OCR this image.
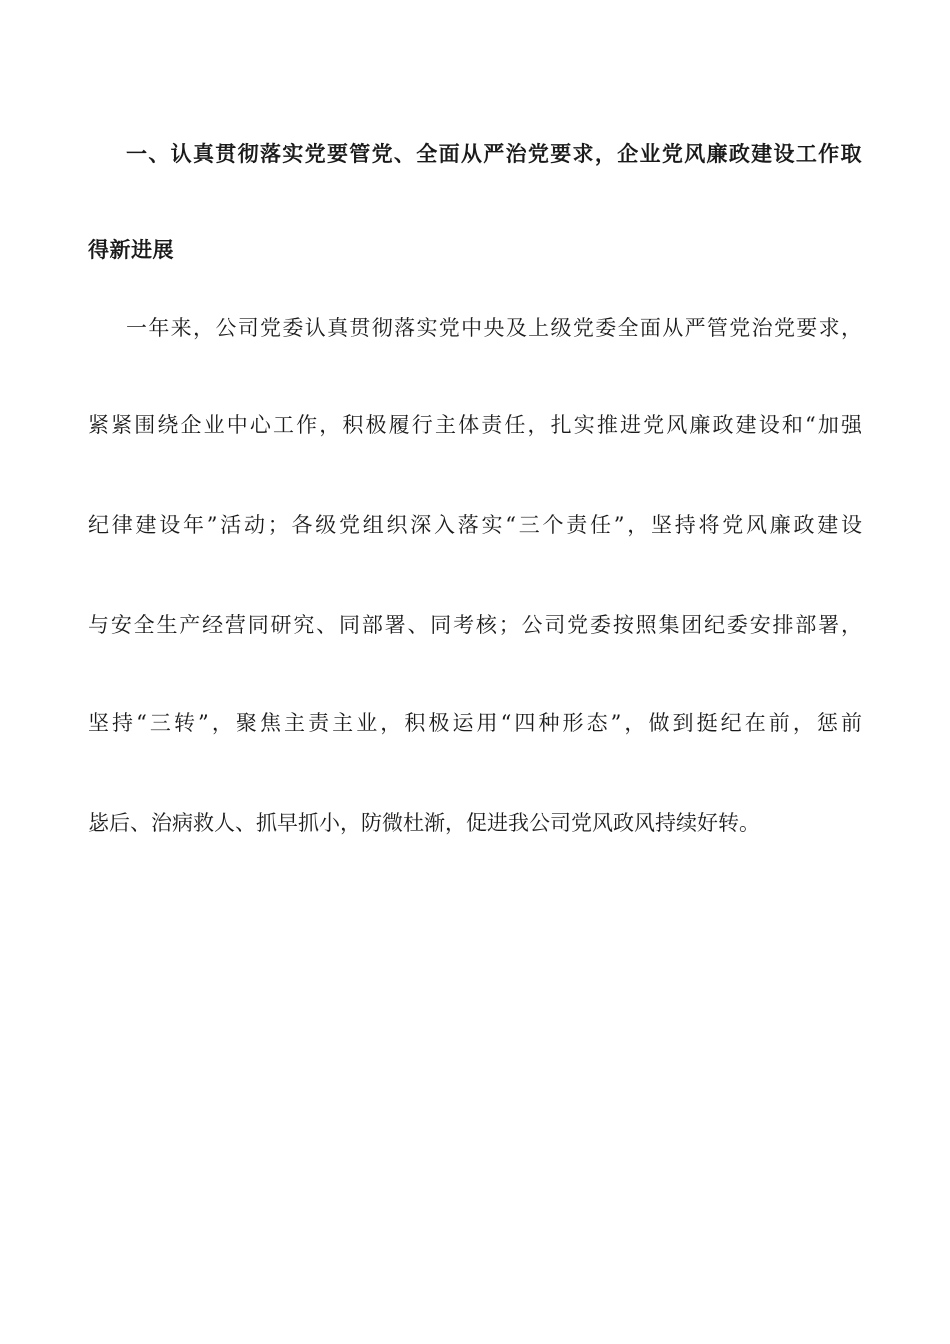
一、认真贯彻落实党要管党、全面从严治党要求，企业党风廉政建设工作取
得新进展
一年来，公司党委认真贯彻落实党中央及上级党委全面从严管党治党要求，
紧紧围绕企业中心工作，积极履行主体责任，扎实推进党风廉政建设和“加强
纪律建设年”活动；各级党组织深入落实“三个责任”，坚持将党风廉政建设
与安全生产经营同研究、同部署、同考核；公司党委按照集团纪委安排部署，
坚持“三转”，聚焦主责主业，积极运用“四种形态”，做到挺纪在前，惩前
毖后、治病救人、抓早抓小，防微杜渐，促进我公司党风政风持续好转。
